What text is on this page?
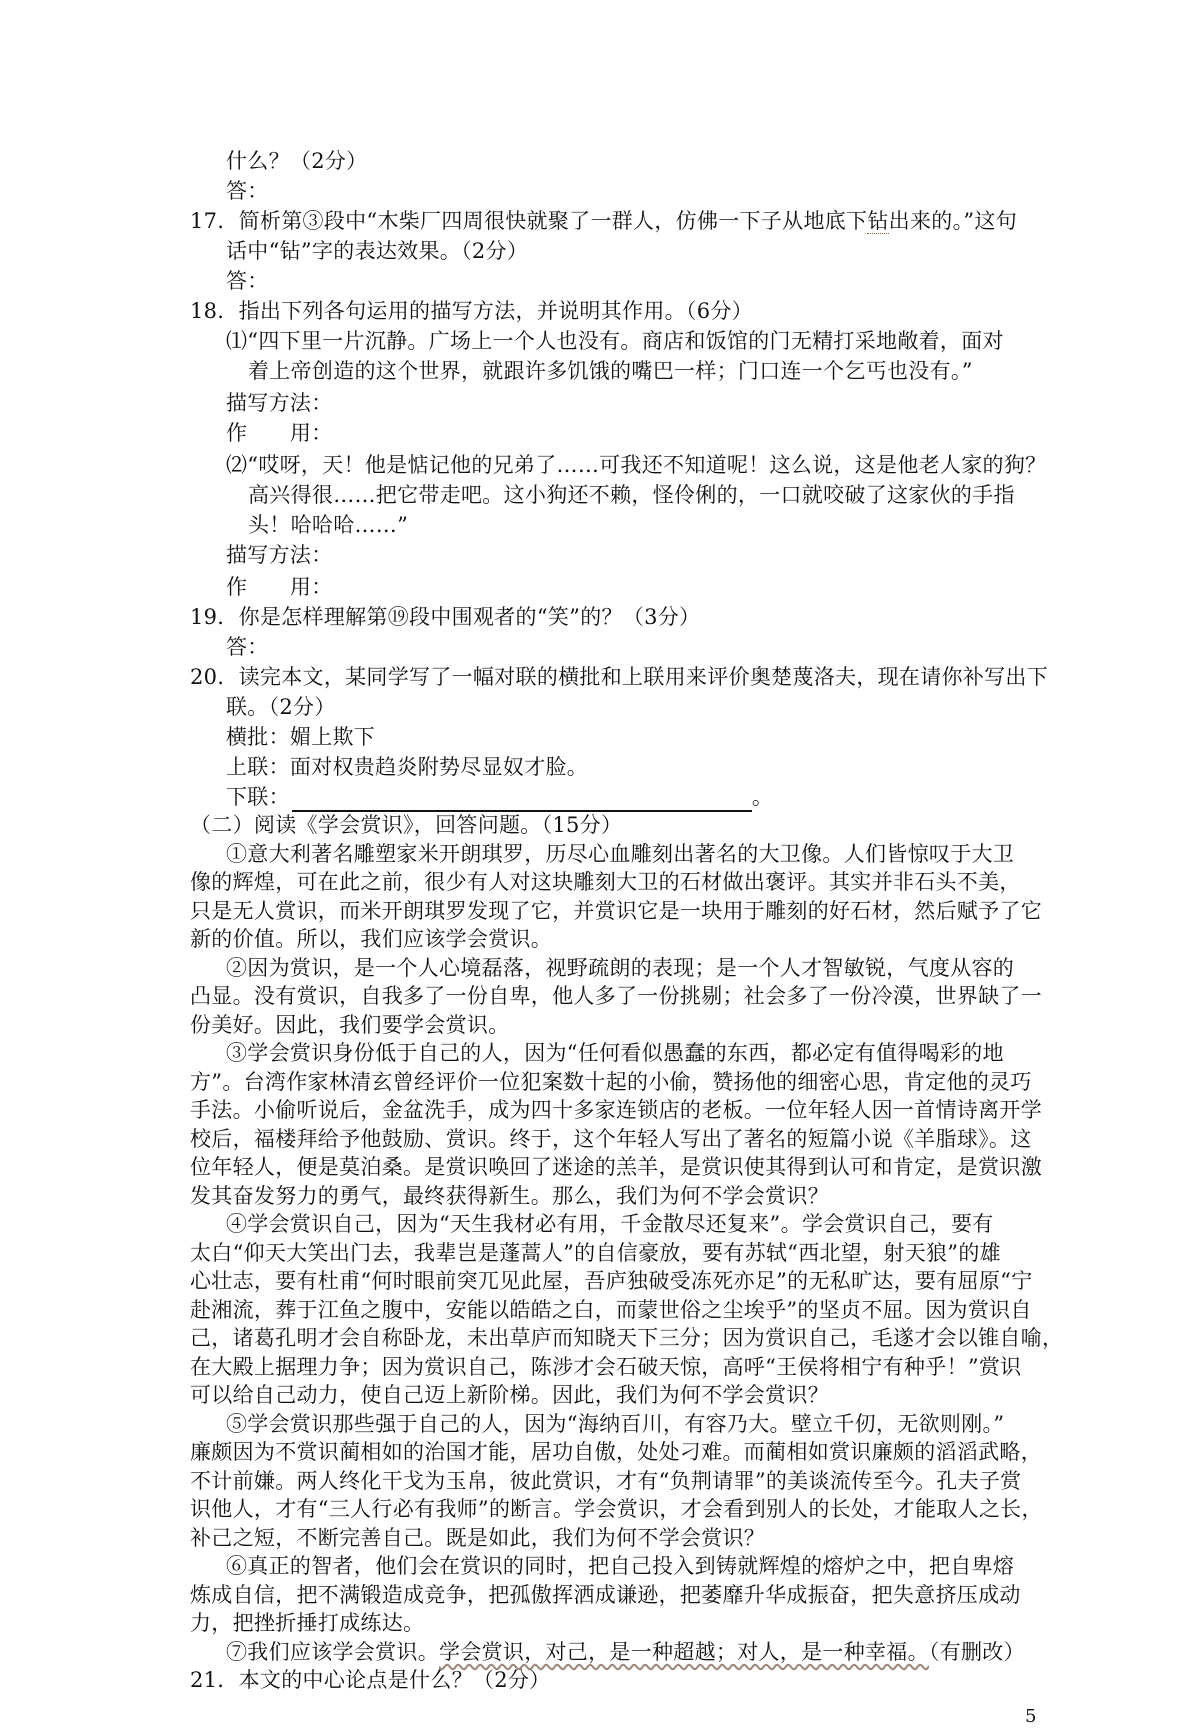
什么？（2分）
答：
17．简析第③段中“木柴厂四周很快就聚了一群人，仿佛一下子从地底下钻出来的。”这句
话中“钻”字的表达效果。（2分）
答：
18．指出下列各句运用的描写方法，并说明其作用。（6分）
⑴“四下里一片沉静。广场上一个人也没有。商店和饭馆的门无精打采地敞着，面对
着上帝创造的这个世界，就跟许多饥饿的嘴巴一样；门口连一个乞丐也没有。”
描写方法：
作　　用：
⑵“哎呀，天！他是惦记他的兄弟了……可我还不知道呢！这么说，这是他老人家的狗？
高兴得很……把它带走吧。这小狗还不赖，怪伶俐的，一口就咬破了这家伙的手指
头！哈哈哈……”
描写方法：
作　　用：
19．你是怎样理解第⑲段中围观者的“笑”的？（3分）
答：
20．读完本文，某同学写了一幅对联的横批和上联用来评价奥楚蔑洛夫，现在请你补写出下
联。（2分）
横批：媚上欺下
上联：面对权贵趋炎附势尽显奴才脸。
下联：	。
（二）阅读《学会赏识》，回答问题。（15分）
①意大利著名雕塑家米开朗琪罗，历尽心血雕刻出著名的大卫像。人们皆惊叹于大卫
像的辉煌，可在此之前，很少有人对这块雕刻大卫的石材做出褒评。其实并非石头不美，
只是无人赏识，而米开朗琪罗发现了它，并赏识它是一块用于雕刻的好石材，然后赋予了它
新的价值。所以，我们应该学会赏识。
②因为赏识，是一个人心境磊落，视野疏朗的表现；是一个人才智敏锐，气度从容的
凸显。没有赏识，自我多了一份自卑，他人多了一份挑剔；社会多了一份冷漠，世界缺了一
份美好。因此，我们要学会赏识。
③学会赏识身份低于自己的人，因为“任何看似愚蠢的东西，都必定有值得喝彩的地
方”。台湾作家林清玄曾经评价一位犯案数十起的小偷，赞扬他的细密心思，肯定他的灵巧
手法。小偷听说后，金盆洗手，成为四十多家连锁店的老板。一位年轻人因一首情诗离开学
校后，福楼拜给予他鼓励、赏识。终于，这个年轻人写出了著名的短篇小说《羊脂球》。这
位年轻人，便是莫泊桑。是赏识唤回了迷途的羔羊，是赏识使其得到认可和肯定，是赏识激
发其奋发努力的勇气，最终获得新生。那么，我们为何不学会赏识？
④学会赏识自己，因为“天生我材必有用，千金散尽还复来”。学会赏识自己，要有
太白“仰天大笑出门去，我辈岂是蓬蒿人”的自信豪放，要有苏轼“西北望，射天狼”的雄
心壮志，要有杜甫“何时眼前突兀见此屋，吾庐独破受冻死亦足”的无私旷达，要有屈原“宁
赴湘流，葬于江鱼之腹中，安能以皓皓之白，而蒙世俗之尘埃乎”的坚贞不屈。因为赏识自
己，诸葛孔明才会自称卧龙，未出草庐而知晓天下三分；因为赏识自己，毛遂才会以锥自喻，
在大殿上据理力争；因为赏识自己，陈涉才会石破天惊，高呼“王侯将相宁有种乎！”赏识
可以给自己动力，使自己迈上新阶梯。因此，我们为何不学会赏识？
⑤学会赏识那些强于自己的人，因为“海纳百川，有容乃大。壁立千仞，无欲则刚。”
廉颇因为不赏识蔺相如的治国才能，居功自傲，处处刁难。而蔺相如赏识廉颇的滔滔武略，
不计前嫌。两人终化干戈为玉帛，彼此赏识，才有“负荆请罪”的美谈流传至今。孔夫子赏
识他人，才有“三人行必有我师”的断言。学会赏识，才会看到别人的长处，才能取人之长，
补己之短，不断完善自己。既是如此，我们为何不学会赏识？
⑥真正的智者，他们会在赏识的同时，把自己投入到铸就辉煌的熔炉之中，把自卑熔
炼成自信，把不满锻造成竞争，把孤傲挥洒成谦逊，把萎靡升华成振奋，把失意挤压成动
力，把挫折捶打成练达。
⑦我们应该学会赏识。学会赏识，对己，是一种超越；对人，是一种幸福。（有删改）
21．本文的中心论点是什么？（2分）
5
